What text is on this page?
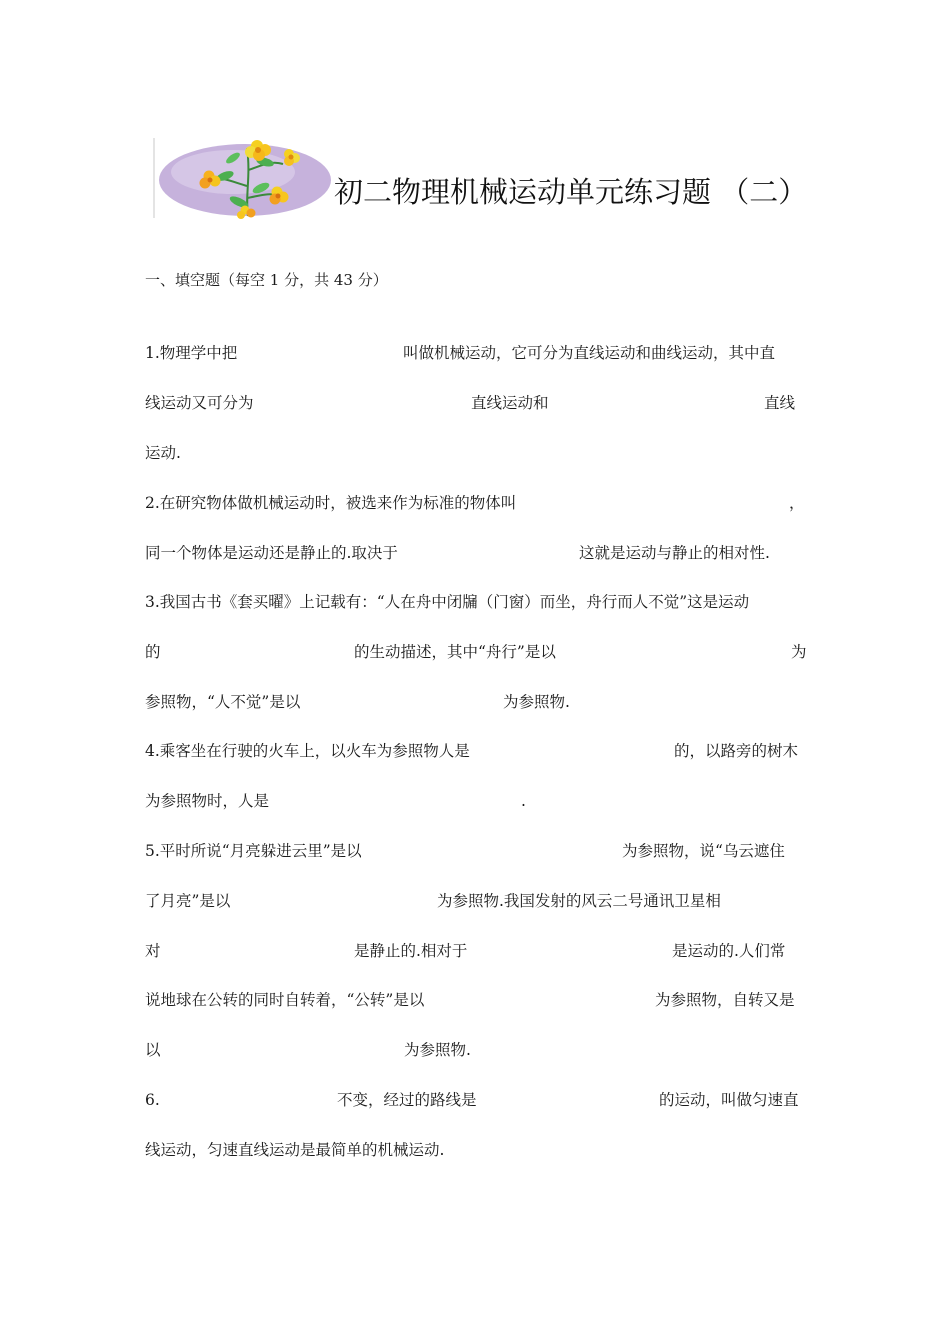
初二物理机械运动单元练习题 （二）
一、填空题（每空 1 分，共 43 分）
1.物理学中把	叫做机械运动，它可分为直线运动和曲线运动，其中直
线运动又可分为	直线运动和	直线
运动.
2.在研究物体做机械运动时，被选来作为标准的物体叫	，
同一个物体是运动还是静止的.取决于	这就是运动与静止的相对性.
3.我国古书《套买曜》上记载有：“人在舟中闭牖（门窗）而坐，舟行而人不觉”这是运动
的	的生动描述，其中“舟行”是以	为
参照物，“人不觉”是以	为参照物.
4.乘客坐在行驶的火车上，以火车为参照物人是	的，以路旁的树木
为参照物时，人是	.
5.平时所说“月亮躲进云里”是以	为参照物，说“乌云遮住
了月亮”是以	为参照物.我国发射的风云二号通讯卫星相
对	是静止的.相对于	是运动的.人们常
说地球在公转的同时自转着，“公转”是以	为参照物，自转又是
以	为参照物.
6.	不变，经过的路线是	的运动，叫做匀速直
线运动，匀速直线运动是最简单的机械运动.
